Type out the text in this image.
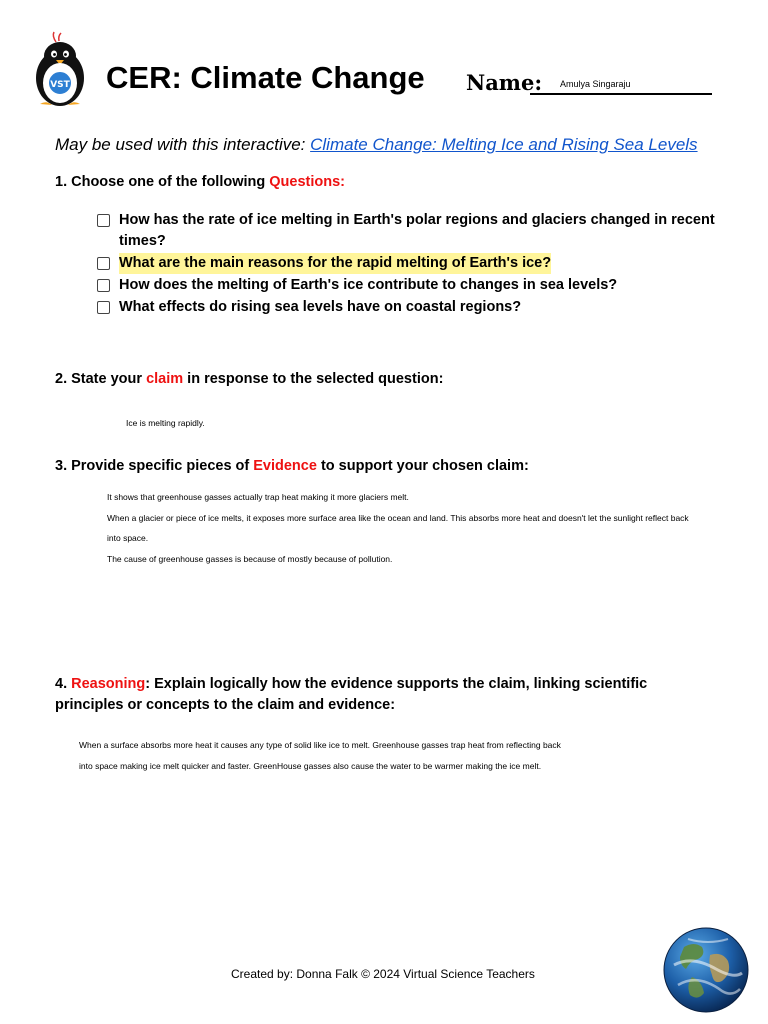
VST CER: Climate Change Name: Amulya Singaraju
May be used with this interactive: Climate Change: Melting Ice and Rising Sea Levels
1. Choose one of the following Questions:
How has the rate of ice melting in Earth's polar regions and glaciers changed in recent times?
What are the main reasons for the rapid melting of Earth's ice?
How does the melting of Earth's ice contribute to changes in sea levels?
What effects do rising sea levels have on coastal regions?
2. State your claim in response to the selected question:
Ice is melting rapidly.
3. Provide specific pieces of Evidence to support your chosen claim:
It shows that greenhouse gasses actually trap heat making it more glaciers melt.
When a glacier or piece of ice melts, it exposes more surface area like the ocean and land. This absorbs more heat and doesn't let the sunlight reflect back
into space.
The cause of greenhouse gasses is because of mostly because of pollution.
4. Reasoning: Explain logically how the evidence supports the claim, linking scientific
principles or concepts to the claim and evidence:
When a surface absorbs more heat it causes any type of solid like ice to melt. Greenhouse gasses trap heat from reflecting back
into space making ice melt quicker and faster. GreenHouse gasses also cause the water to be warmer making the ice melt.
Created by: Donna Falk © 2024 Virtual Science Teachers
